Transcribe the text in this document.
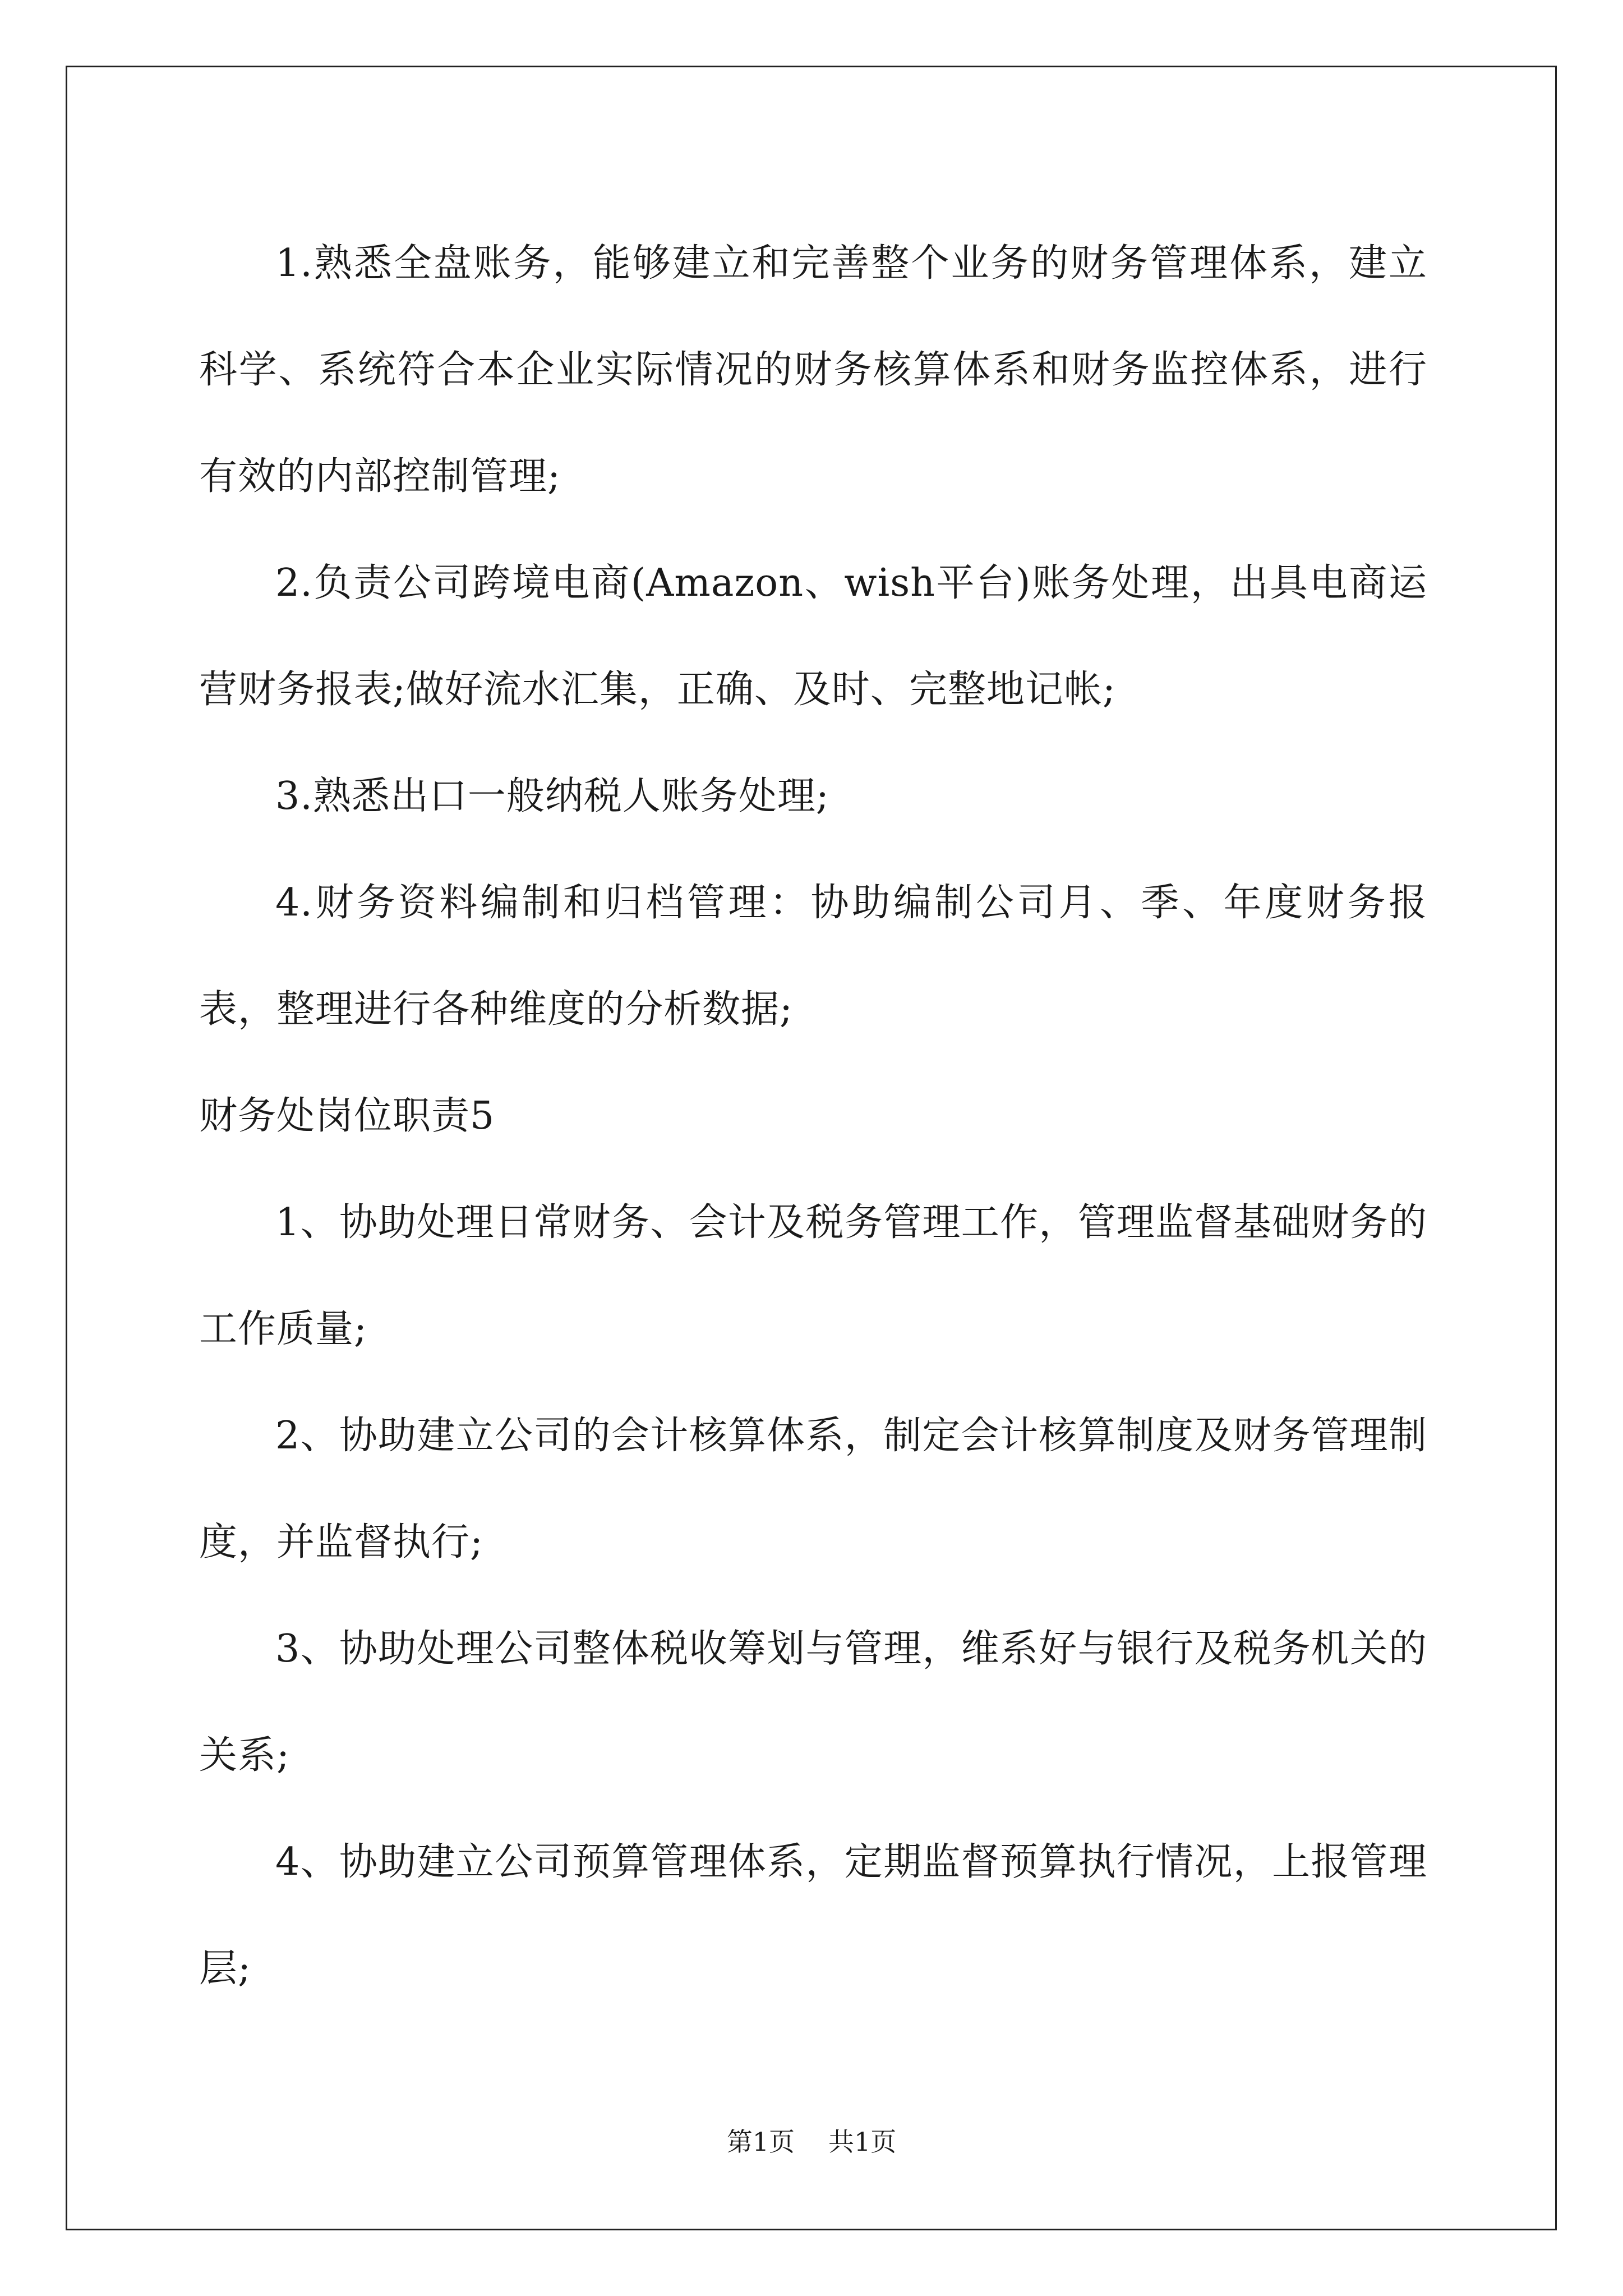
1.熟悉全盘账务，能够建立和完善整个业务的财务管理体系，建立科学、系统符合本企业实际情况的财务核算体系和财务监控体系，进行有效的内部控制管理;

2.负责公司跨境电商(Amazon、wish平台)账务处理，出具电商运营财务报表;做好流水汇集，正确、及时、完整地记帐;

3.熟悉出口一般纳税人账务处理;

4.财务资料编制和归档管理：协助编制公司月、季、年度财务报表，整理进行各种维度的分析数据;

财务处岗位职责5

1、协助处理日常财务、会计及税务管理工作，管理监督基础财务的工作质量;

2、协助建立公司的会计核算体系，制定会计核算制度及财务管理制度，并监督执行;

3、协助处理公司整体税收筹划与管理，维系好与银行及税务机关的关系;

4、协助建立公司预算管理体系，定期监督预算执行情况，上报管理层;

第1页 共1页
